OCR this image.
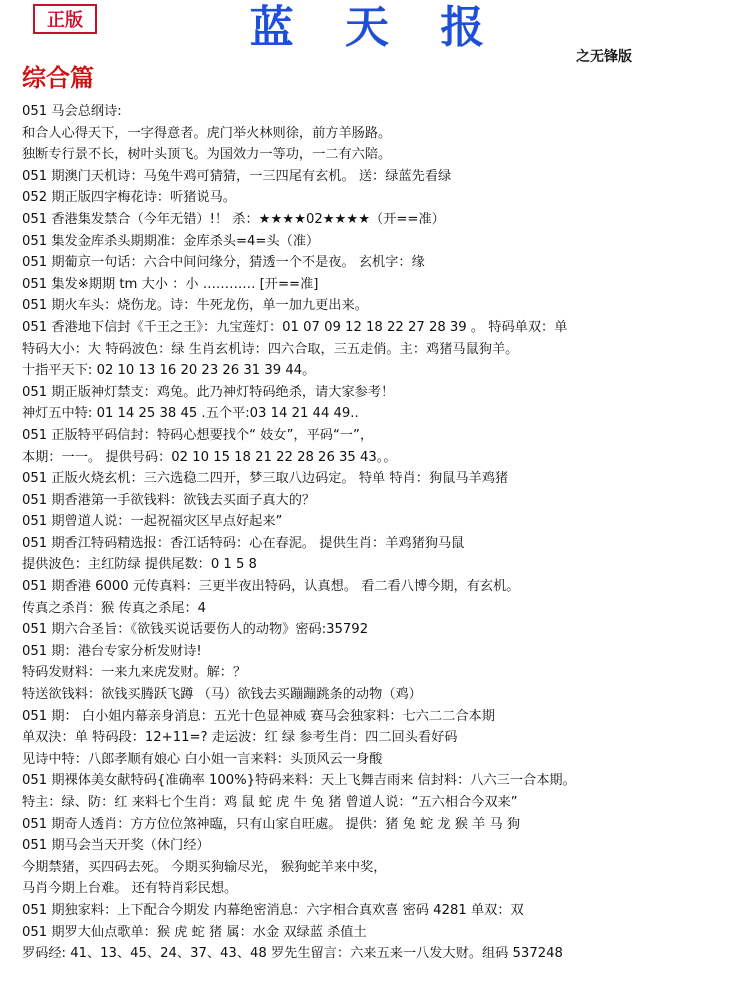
正版	蓝 天 报
之无锋版
综合篇
051 马会总纲诗:
和合人心得天下，一字得意者。虎门举火林则徐，前方羊肠路。
独断专行景不长，树叶头顶飞。为国效力一等功，一二有六陪。
051 期澳门天机诗：马兔牛鸡可猜猜，一三四尾有玄机。 送：绿蓝先看绿
052 期正版四字梅花诗：听猪说马。
051 香港集发禁合（今年无错）!！ 杀：★★★★02★★★★（开==准）
051 集发金库杀头期期准：金库杀头=4=头（准）
051 期葡京一句话：六合中间问缘分，猜透一个不是夜。 玄机字：缘
051 集发※期期 tm 大小 ：小 ………… [开==准]
051 期火车头：烧伤龙。诗：牛死龙伤，单一加九更出来。
051 香港地下信封《千王之王》：九宝莲灯：01 07 09 12 18 22 27 28 39 。 特码单双：单
特码大小：大 特码波色：绿 生肖玄机诗：四六合取，三五走俏。主：鸡猪马鼠狗羊。
十指平天下: 02 10 13 16 20 23 26 31 39 44。
051 期正版神灯禁支：鸡兔。此乃神灯特码绝杀，请大家参考！
神灯五中特: 01 14 25 38 45 .五个平:03 14 21 44 49..
051 正版特平码信封：特码心想要找个“ 妓女”，平码“一”，
本期：一一。 提供号码：02 10 15 18 21 22 28 26 35 43。。
051 正版火烧玄机：三六选稳二四开，梦三取八边码定。 特单 特肖：狗鼠马羊鸡猪
051 期香港第一手欲钱料：欲钱去买面子真大的？
051 期曾道人说：一起祝福灾区早点好起来”
051 期香江特码精选报：香江话特码：心在春泥。 提供生肖：羊鸡猪狗马鼠
提供波色：主红防绿 提供尾数：0 1 5 8
051 期香港 6000 元传真料：三更半夜出特码，认真想。 看二看八博今期，有玄机。
传真之杀肖：猴 传真之杀尾：4
051 期六合圣旨：《欲钱买说话要伤人的动物》密码:35792
051 期：港台专家分析发财诗!
特码发财料：一来九来虎发财。解：？
特送欲钱料：欲钱买腾跃飞蹲 （马）欲钱去买蹦蹦跳条的动物（鸡）
051 期： 白小姐内幕亲身消息：五光十色显神威 赛马会独家料：七六二二合本期
单双決：单 特码段：12+11=? 走运波：红 绿 参考生肖：四二回头看好码
见诗中特：八郎孝顺有娘心 白小姐一言来料：头顶风云一身酸
051 期裸体美女献特码{准确率 100%}特码来料：天上飞舞吉雨来 信封料：八六三一合本期。
特主：绿、防：红 来料七个生肖：鸡 鼠 蛇 虎 牛 兔 猪 曾道人说：“五六相合今双来”
051 期奇人透肖：方方位位煞神臨，只有山家自旺處。 提供：猪 兔 蛇 龙 猴 羊 马 狗
051 期马会当天开奖（休门经）
今期禁猪，买四码去死。 今期买狗输尽光， 猴狗蛇羊来中奖，
马肖今期上台难。 还有特肖彩民想。
051 期独家料：上下配合今期发 内幕绝密消息：六字相合真欢喜 密码 4281 单双：双
051 期罗大仙点歌单：猴 虎 蛇 猪 属：水金 双绿蓝 杀值土
罗码经: 41、13、45、24、37、43、48 罗先生留言：六来五来一八发大财。组码 537248
